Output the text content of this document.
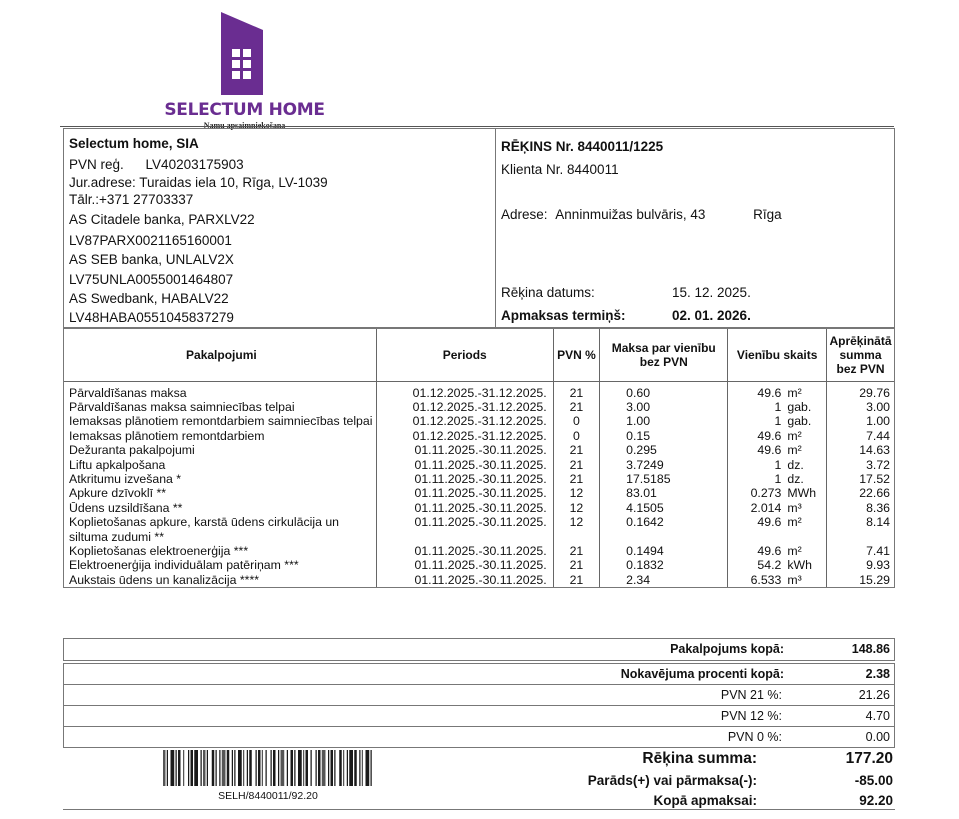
SELECTUM HOME
Selectum home, SIA
PVN reģ. LV40203175903
Jur.adrese: Turaidas iela 10, Rīga, LV-1039
Tālr.:+371 27703337
AS Citadele banka, PARXLV22
LV87PARX0021165160001
AS SEB banka, UNLALV2X
LV75UNLA0055001464807
AS Swedbank, HABALV22
LV48HABA0551045837279
RĒĶINS Nr. 8440011/1225
Klienta Nr. 8440011
Adrese: Anninmuižas bulvāris, 43	Rīga
Rēķina datums:	15. 12. 2025.
Apmaksas termiņš:	02. 01. 2026.
Pakalpojumi	Periods	PVN %	Maksa par vienību bez PVN	Vienību skaits	Aprēķinātā summa bez PVN
Pārvaldīšanas maksa	01.12.2025.-31.12.2025.	21	0.60	49.6 m²	29.76
Pārvaldīšanas maksa saimniecības telpai	01.12.2025.-31.12.2025.	21	3.00	1 gab.	3.00
Iemaksas plānotiem remontdarbiem saimniecības telpai	01.12.2025.-31.12.2025.	0	1.00	1 gab.	1.00
Iemaksas plānotiem remontdarbiem	01.12.2025.-31.12.2025.	0	0.15	49.6 m²	7.44
Dežuranta pakalpojumi	01.11.2025.-30.11.2025.	21	0.295	49.6 m²	14.63
Liftu apkalpošana	01.11.2025.-30.11.2025.	21	3.7249	1 dz.	3.72
Atkritumu izvešana *	01.11.2025.-30.11.2025.	21	17.5185	1 dz.	17.52
Apkure dzīvoklī **	01.11.2025.-30.11.2025.	12	83.01	0.273 MWh	22.66
Ūdens uzsildīšana **	01.11.2025.-30.11.2025.	12	4.1505	2.014 m³	8.36
Koplietošanas apkure, karstā ūdens cirkulācija un siltuma zudumi **	01.11.2025.-30.11.2025.	12	0.1642	49.6 m²	8.14
Koplietošanas elektroenerģija ***	01.11.2025.-30.11.2025.	21	0.1494	49.6 m²	7.41
Elektroenerģija individuālam patēriņam ***	01.11.2025.-30.11.2025.	21	0.1832	54.2 kWh	9.93
Aukstais ūdens un kanalizācija ****	01.11.2025.-30.11.2025.	21	2.34	6.533 m³	15.29
Pakalpojums kopā:	148.86
Nokavējuma procenti kopā:	2.38
PVN 21 %:	21.26
PVN 12 %:	4.70
PVN 0 %:	0.00
SELH/8440011/92.20
Rēķina summa:	177.20
Parāds(+) vai pārmaksa(-):	-85.00
Kopā apmaksai:	92.20
